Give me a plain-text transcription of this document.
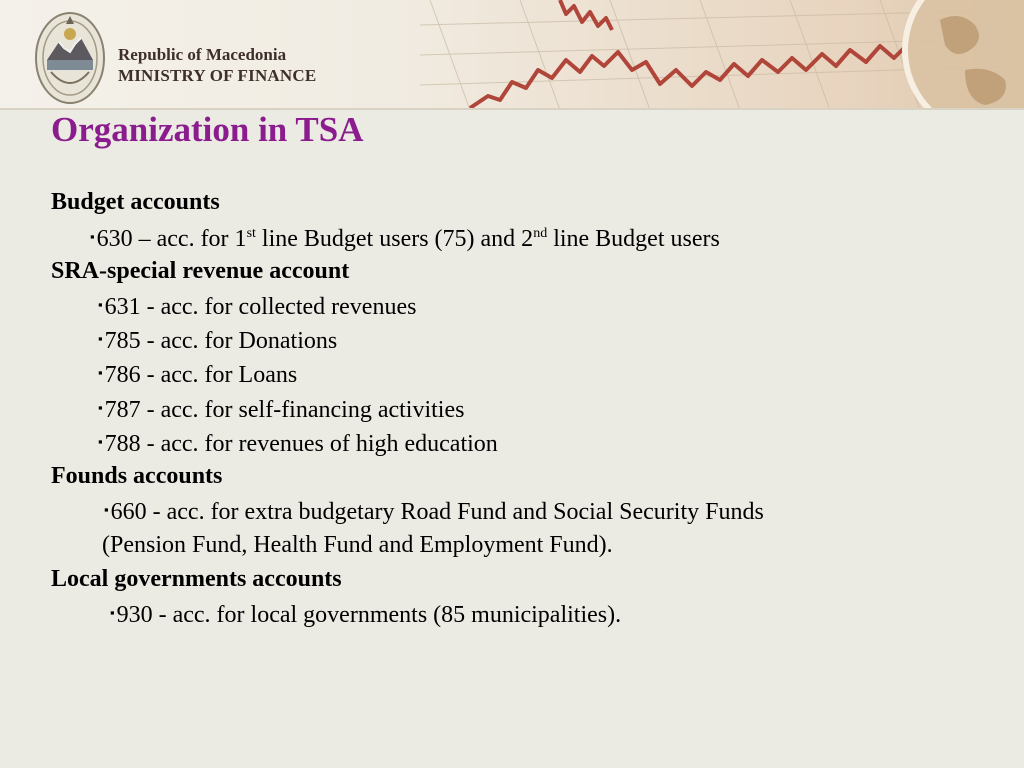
Republic of Macedonia
MINISTRY OF FINANCE
Organization in TSA
Budget accounts
▪630 – acc. for 1st line Budget users (75) and 2nd line Budget users
SRA-special revenue account
▪631 - acc. for collected revenues
▪785 - acc. for Donations
▪786 - acc. for Loans
▪787 - acc. for self-financing activities
▪788 - acc. for revenues of high education
Founds accounts
▪660 - acc. for extra budgetary Road Fund and Social Security Funds
(Pension Fund, Health Fund and Employment Fund).
Local governments accounts
▪930 - acc. for local governments (85 municipalities).
